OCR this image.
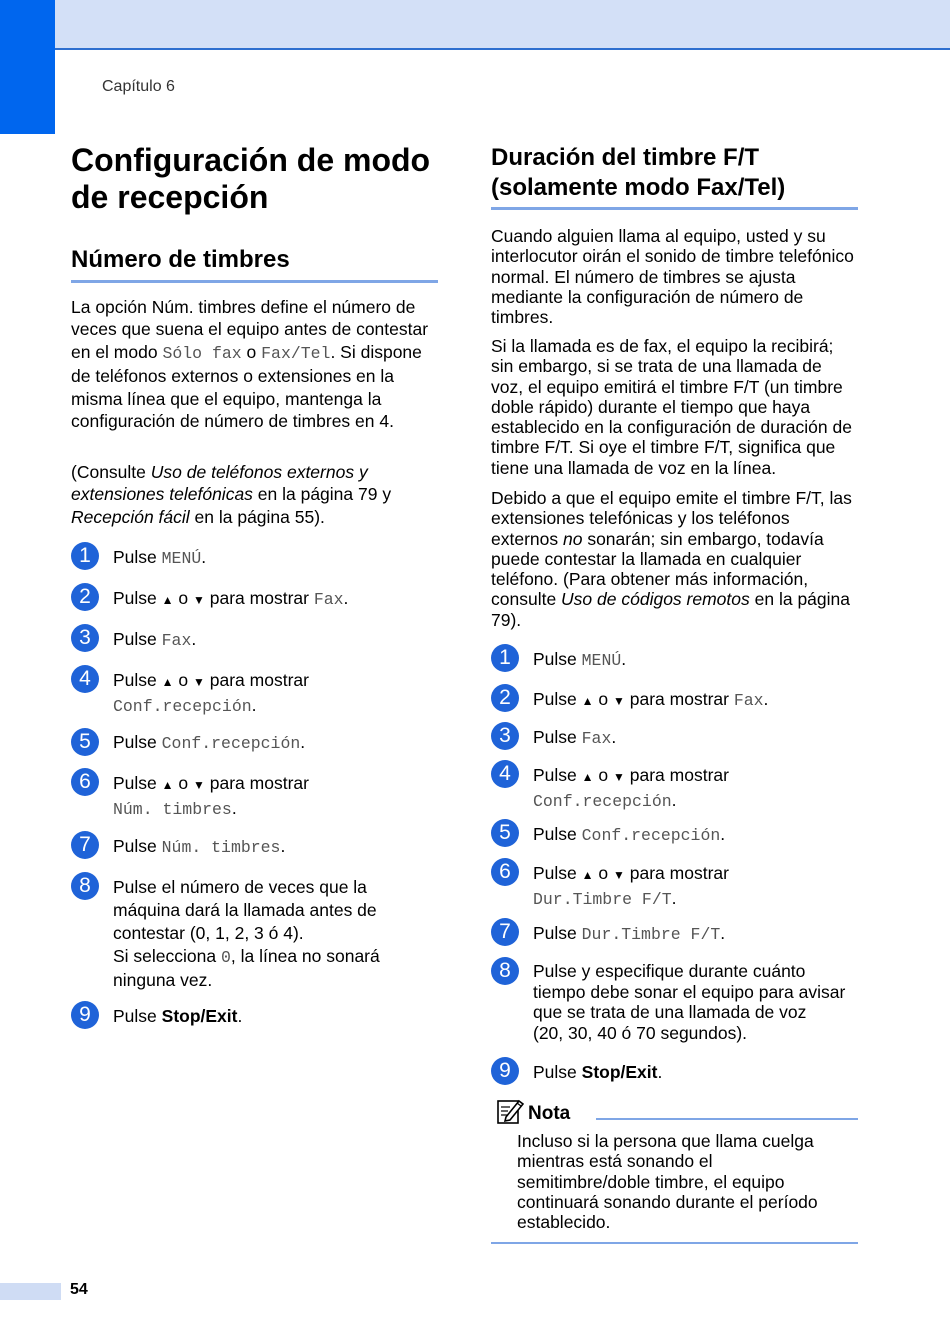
Capítulo 6
Configuración de modo de recepción
Número de timbres
La opción Núm. timbres define el número de veces que suena el equipo antes de contestar en el modo Sólo fax o Fax/Tel. Si dispone de teléfonos externos o extensiones en la misma línea que el equipo, mantenga la configuración de número de timbres en 4.
(Consulte Uso de teléfonos externos y extensiones telefónicas en la página 79 y Recepción fácil en la página 55).
1	Pulse MENÚ.
2	Pulse ▲ o ▼ para mostrar Fax.
3	Pulse Fax.
4	Pulse ▲ o ▼ para mostrar
Conf.recepción.
5	Pulse Conf.recepción.
6	Pulse ▲ o ▼ para mostrar
Núm. timbres.
7	Pulse Núm. timbres.
8	Pulse el número de veces que la
máquina dará la llamada antes de
contestar (0, 1, 2, 3 ó 4).
Si selecciona 0, la línea no sonará
ninguna vez.
9	Pulse Stop/Exit.
Duración del timbre F/T
(solamente modo Fax/Tel)
Cuando alguien llama al equipo, usted y su interlocutor oirán el sonido de timbre telefónico normal. El número de timbres se ajusta mediante la configuración de número de timbres.
Si la llamada es de fax, el equipo la recibirá; sin embargo, si se trata de una llamada de voz, el equipo emitirá el timbre F/T (un timbre doble rápido) durante el tiempo que haya establecido en la configuración de duración de timbre F/T. Si oye el timbre F/T, significa que tiene una llamada de voz en la línea.
Debido a que el equipo emite el timbre F/T, las extensiones telefónicas y los teléfonos externos no sonarán; sin embargo, todavía puede contestar la llamada en cualquier teléfono. (Para obtener más información, consulte Uso de códigos remotos en la página 79).
1	Pulse MENÚ.
2	Pulse ▲ o ▼ para mostrar Fax.
3	Pulse Fax.
4	Pulse ▲ o ▼ para mostrar
Conf.recepción.
5	Pulse Conf.recepción.
6	Pulse ▲ o ▼ para mostrar
Dur.Timbre F/T.
7	Pulse Dur.Timbre F/T.
8	Pulse y especifique durante cuánto
tiempo debe sonar el equipo para avisar
que se trata de una llamada de voz
(20, 30, 40 ó 70 segundos).
9	Pulse Stop/Exit.
Nota
Incluso si la persona que llama cuelga mientras está sonando el semitimbre/doble timbre, el equipo continuará sonando durante el período establecido.
54
